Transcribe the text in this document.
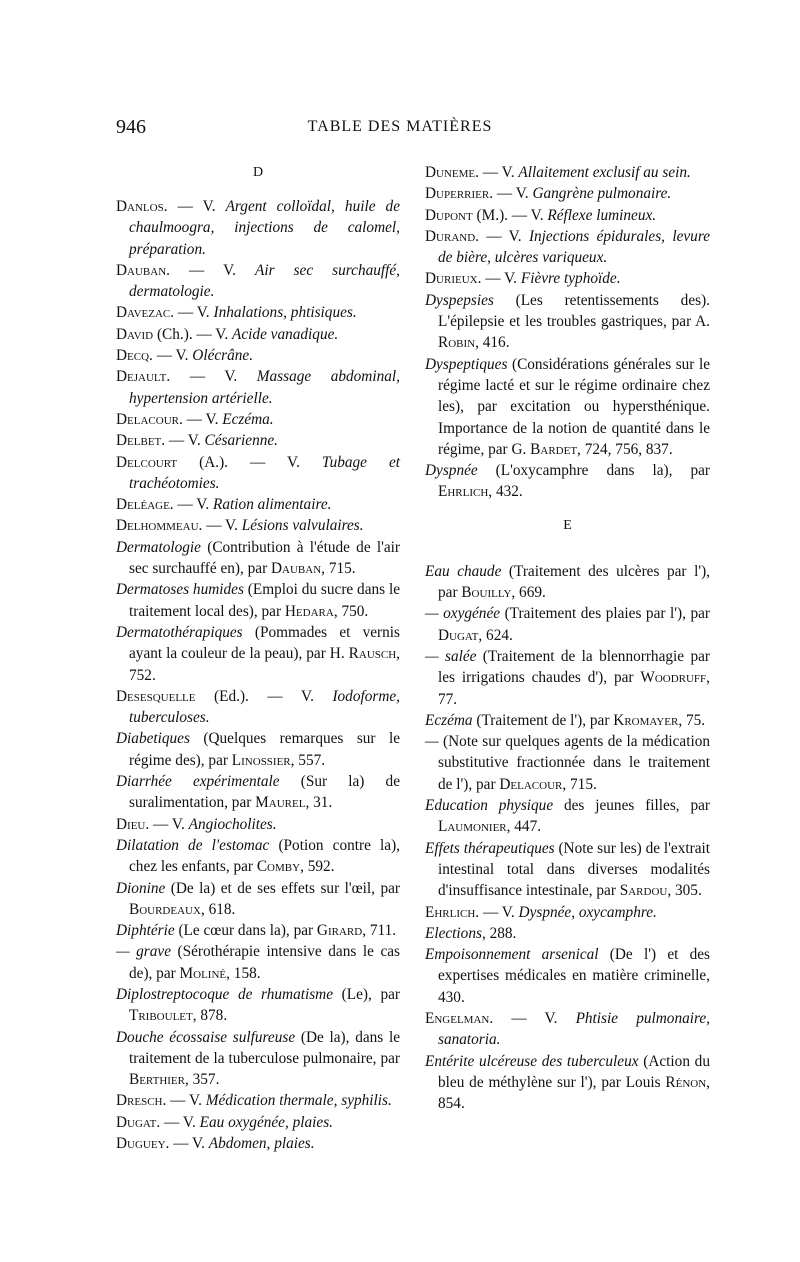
946	TABLE DES MATIÈRES
D

Danlos. — V. Argent colloïdal, huile de chaulmoogra, injections de calomel, préparation.

Dauban. — V. Air sec surchauffé, dermatologie.

Davezac. — V. Inhalations, phtisiques.

David (Ch.). — V. Acide vanadique.

Decq. — V. Olécrâne.

Dejault. — V. Massage abdominal, hypertension artérielle.

Delacour. — V. Eczéma.

Delbet. — V. Césarienne.

Delcourt (A.). — V. Tubage et trachéotomies.

Deléage. — V. Ration alimentaire.

Delhommeau. — V. Lésions valvulaires.

Dermatologie (Contribution à l'étude de l'air sec surchauffé en), par Dauban, 715.

Dermatoses humides (Emploi du sucre dans le traitement local des), par Hedara, 750.

Dermatothérapiques (Pommades et vernis ayant la couleur de la peau), par H. Rausch, 752.

Desesquelle (Ed.). — V. Iodoforme, tuberculoses.

Diabetiques (Quelques remarques sur le régime des), par Linossier, 557.

Diarrhée expérimentale (Sur la) de suralimentation, par Maurel, 31.

Dieu. — V. Angiocholites.

Dilatation de l'estomac (Potion contre la), chez les enfants, par Comby, 592.

Dionine (De la) et de ses effets sur l'œil, par Bourdeaux, 618.

Diphtérie (Le cœur dans la), par Girard, 711.

— grave (Sérothérapie intensive dans le cas de), par Moliné, 158.

Diplostreptocoque de rhumatisme (Le), par Triboulet, 878.

Douche écossaise sulfureuse (De la), dans le traitement de la tuberculose pulmonaire, par Berthier, 357.

Dresch. — V. Médication thermale, syphilis.

Dugat. — V. Eau oxygénée, plaies.

Duguey. — V. Abdomen, plaies.

Duneme. — V. Allaitement exclusif au sein.

Duperrier. — V. Gangrène pulmonaire.

Dupont (M.). — V. Réflexe lumineux.

Durand. — V. Injections épidurales, levure de bière, ulcères variqueux.

Durieux. — V. Fièvre typhoïde.

Dyspepsies (Les retentissements des). L'épilepsie et les troubles gastriques, par A. Robin, 416.

Dyspeptiques (Considérations générales sur le régime lacté et sur le régime ordinaire chez les), par excitation ou hypersthénique. Importance de la notion de quantité dans le régime, par G. Bardet, 724, 756, 837.

Dyspnée (L'oxycamphre dans la), par Ehrlich, 432.

E

Eau chaude (Traitement des ulcères par l'), par Bouilly, 669.

— oxygénée (Traitement des plaies par l'), par Dugat, 624.

— salée (Traitement de la blennorrhagie par les irrigations chaudes d'), par Woodruff, 77.

Eczéma (Traitement de l'), par Kromayer, 75.

— (Note sur quelques agents de la médication substitutive fractionnée dans le traitement de l'), par Delacour, 715.

Education physique des jeunes filles, par Laumonier, 447.

Effets thérapeutiques (Note sur les) de l'extrait intestinal total dans diverses modalités d'insuffisance intestinale, par Sardou, 305.

Ehrlich. — V. Dyspnée, oxycamphre.

Elections, 288.

Empoisonnement arsenical (De l') et des expertises médicales en matière criminelle, 430.

Engelman. — V. Phtisie pulmonaire, sanatoria.

Entérite ulcéreuse des tuberculeux (Action du bleu de méthylène sur l'), par Louis Rénon, 854.
